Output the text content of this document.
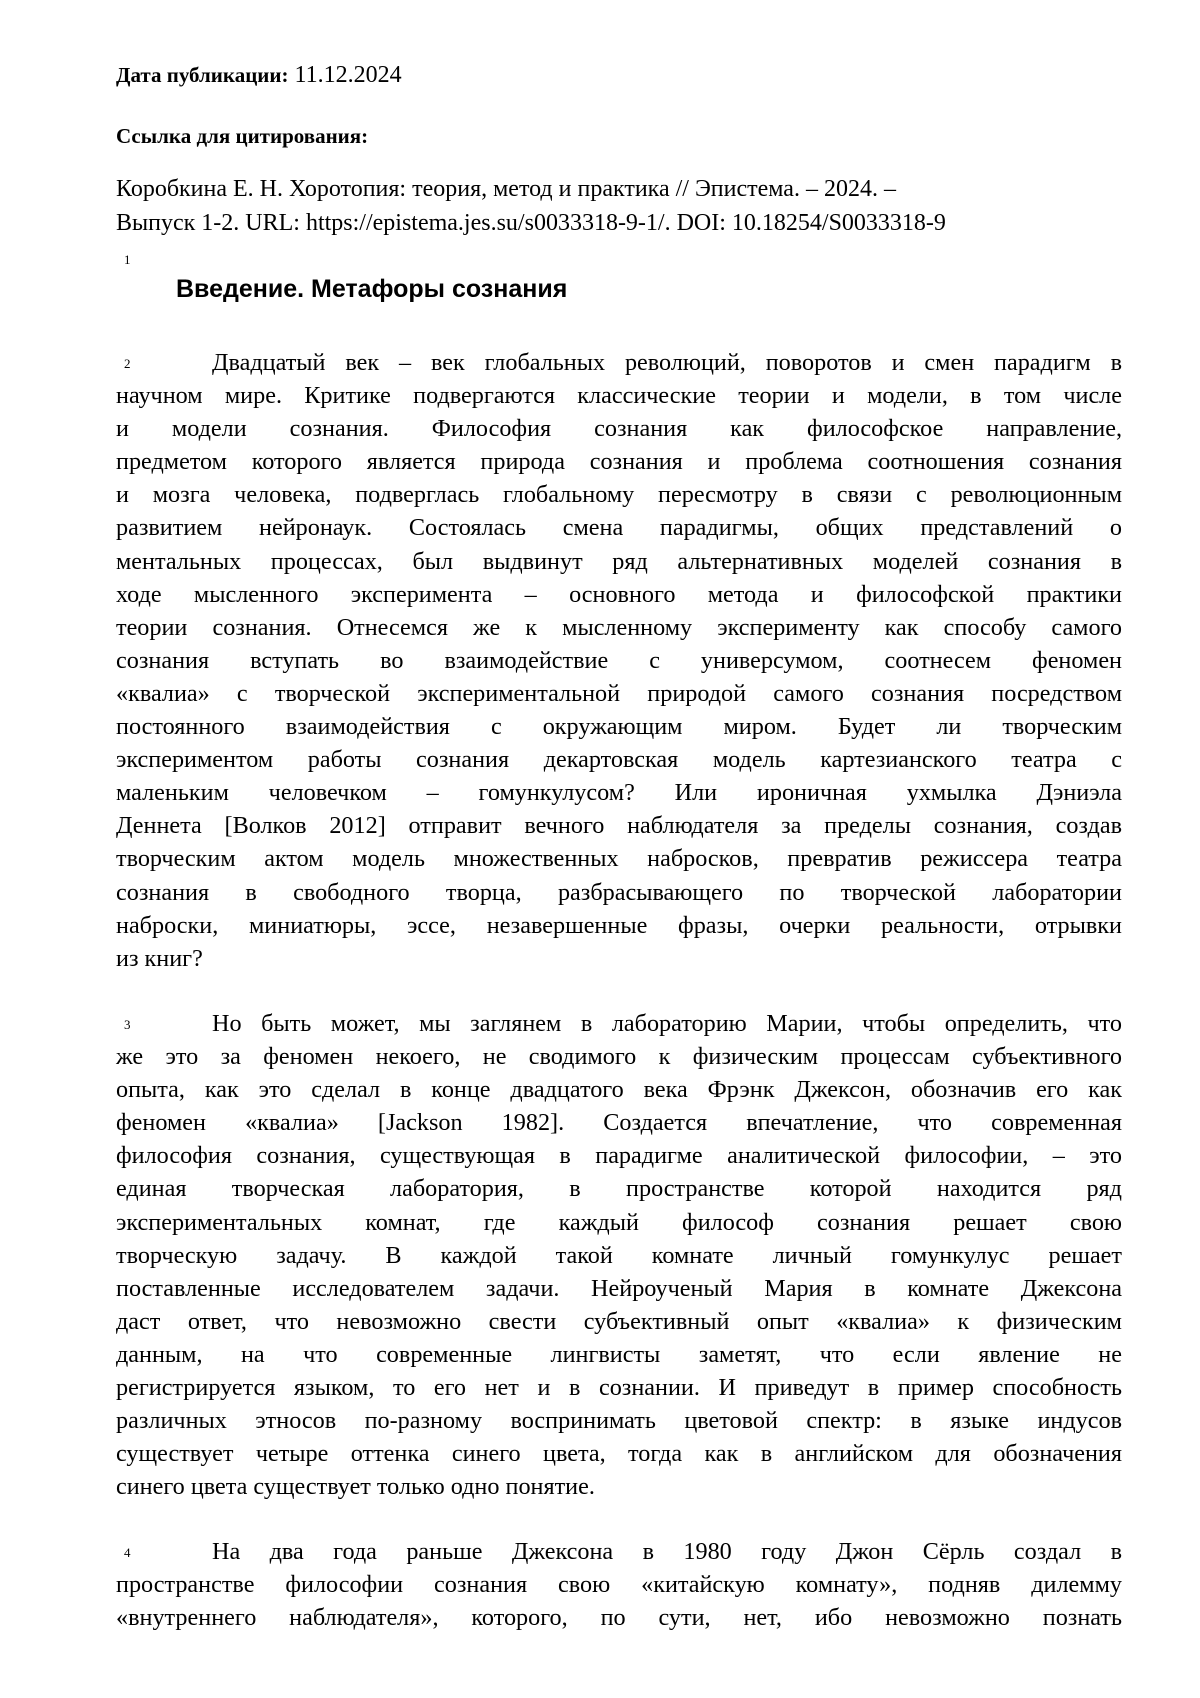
Дата публикации: 11.12.2024
Ссылка для цитирования:
Коробкина Е. Н. Хоротопия: теория, метод и практика // Эпистема. – 2024. –
Выпуск 1-2. URL: https://epistema.jes.su/s0033318-9-1/. DOI: 10.18254/S0033318-9
1
Введение. Метафоры сознания
2	Двадцатый век – век глобальных революций, поворотов и смен парадигм в
научном мире. Критике подвергаются классические теории и модели, в том числе
и модели сознания. Философия сознания как философское направление,
предметом которого является природа сознания и проблема соотношения сознания
и мозга человека, подверглась глобальному пересмотру в связи с революционным
развитием нейронаук. Состоялась смена парадигмы, общих представлений о
ментальных процессах, был выдвинут ряд альтернативных моделей сознания в
ходе мысленного эксперимента – основного метода и философской практики
теории сознания. Отнесемся же к мысленному эксперименту как способу самого
сознания вступать во взаимодействие с универсумом, соотнесем феномен
«квалиа» с творческой экспериментальной природой самого сознания посредством
постоянного взаимодействия с окружающим миром. Будет ли творческим
экспериментом работы сознания декартовская модель картезианского театра с
маленьким человечком – гомункулусом? Или ироничная ухмылка Дэниэла
Деннета [Волков 2012] отправит вечного наблюдателя за пределы сознания, создав
творческим актом модель множественных набросков, превратив режиссера театра
сознания в свободного творца, разбрасывающего по творческой лаборатории
наброски, миниатюры, эссе, незавершенные фразы, очерки реальности, отрывки
из книг?
3	Но быть может, мы заглянем в лабораторию Марии, чтобы определить, что
же это за феномен некоего, не сводимого к физическим процессам субъективного
опыта, как это сделал в конце двадцатого века Фрэнк Джексон, обозначив его как
феномен «квалиа» [Jackson 1982]. Создается впечатление, что современная
философия сознания, существующая в парадигме аналитической философии, – это
единая творческая лаборатория, в пространстве которой находится ряд
экспериментальных комнат, где каждый философ сознания решает свою
творческую задачу. В каждой такой комнате личный гомункулус решает
поставленные исследователем задачи. Нейроученый Мария в комнате Джексона
даст ответ, что невозможно свести субъективный опыт «квалиа» к физическим
данным, на что современные лингвисты заметят, что если явление не
регистрируется языком, то его нет и в сознании. И приведут в пример способность
различных этносов по-разному воспринимать цветовой спектр: в языке индусов
существует четыре оттенка синего цвета, тогда как в английском для обозначения
синего цвета существует только одно понятие.
4	На два года раньше Джексона в 1980 году Джон Сёрль создал в
пространстве философии сознания свою «китайскую комнату», подняв дилемму
«внутреннего наблюдателя», которого, по сути, нет, ибо невозможно познать
